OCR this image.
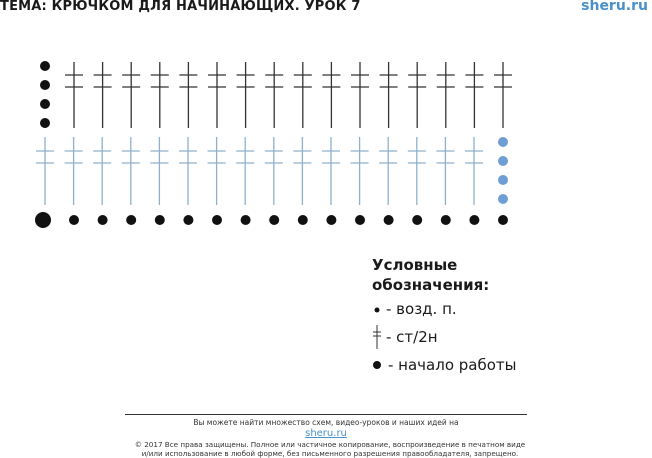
ТЕМА: КРЮЧКОМ ДЛЯ НАЧИНАЮЩИХ. УРОК 7	sheru.ru
Условные
обозначения:
- возд. п.
- ст/2н
- начало работы
Вы можете найти множество схем, видео-уроков и наших идей на
sheru.ru
© 2017 Все права защищены. Полное или частичное копирование, воспроизведение в печатном виде
и/или использование в любой форме, без письменного разрешения правообладателя, запрещено.
